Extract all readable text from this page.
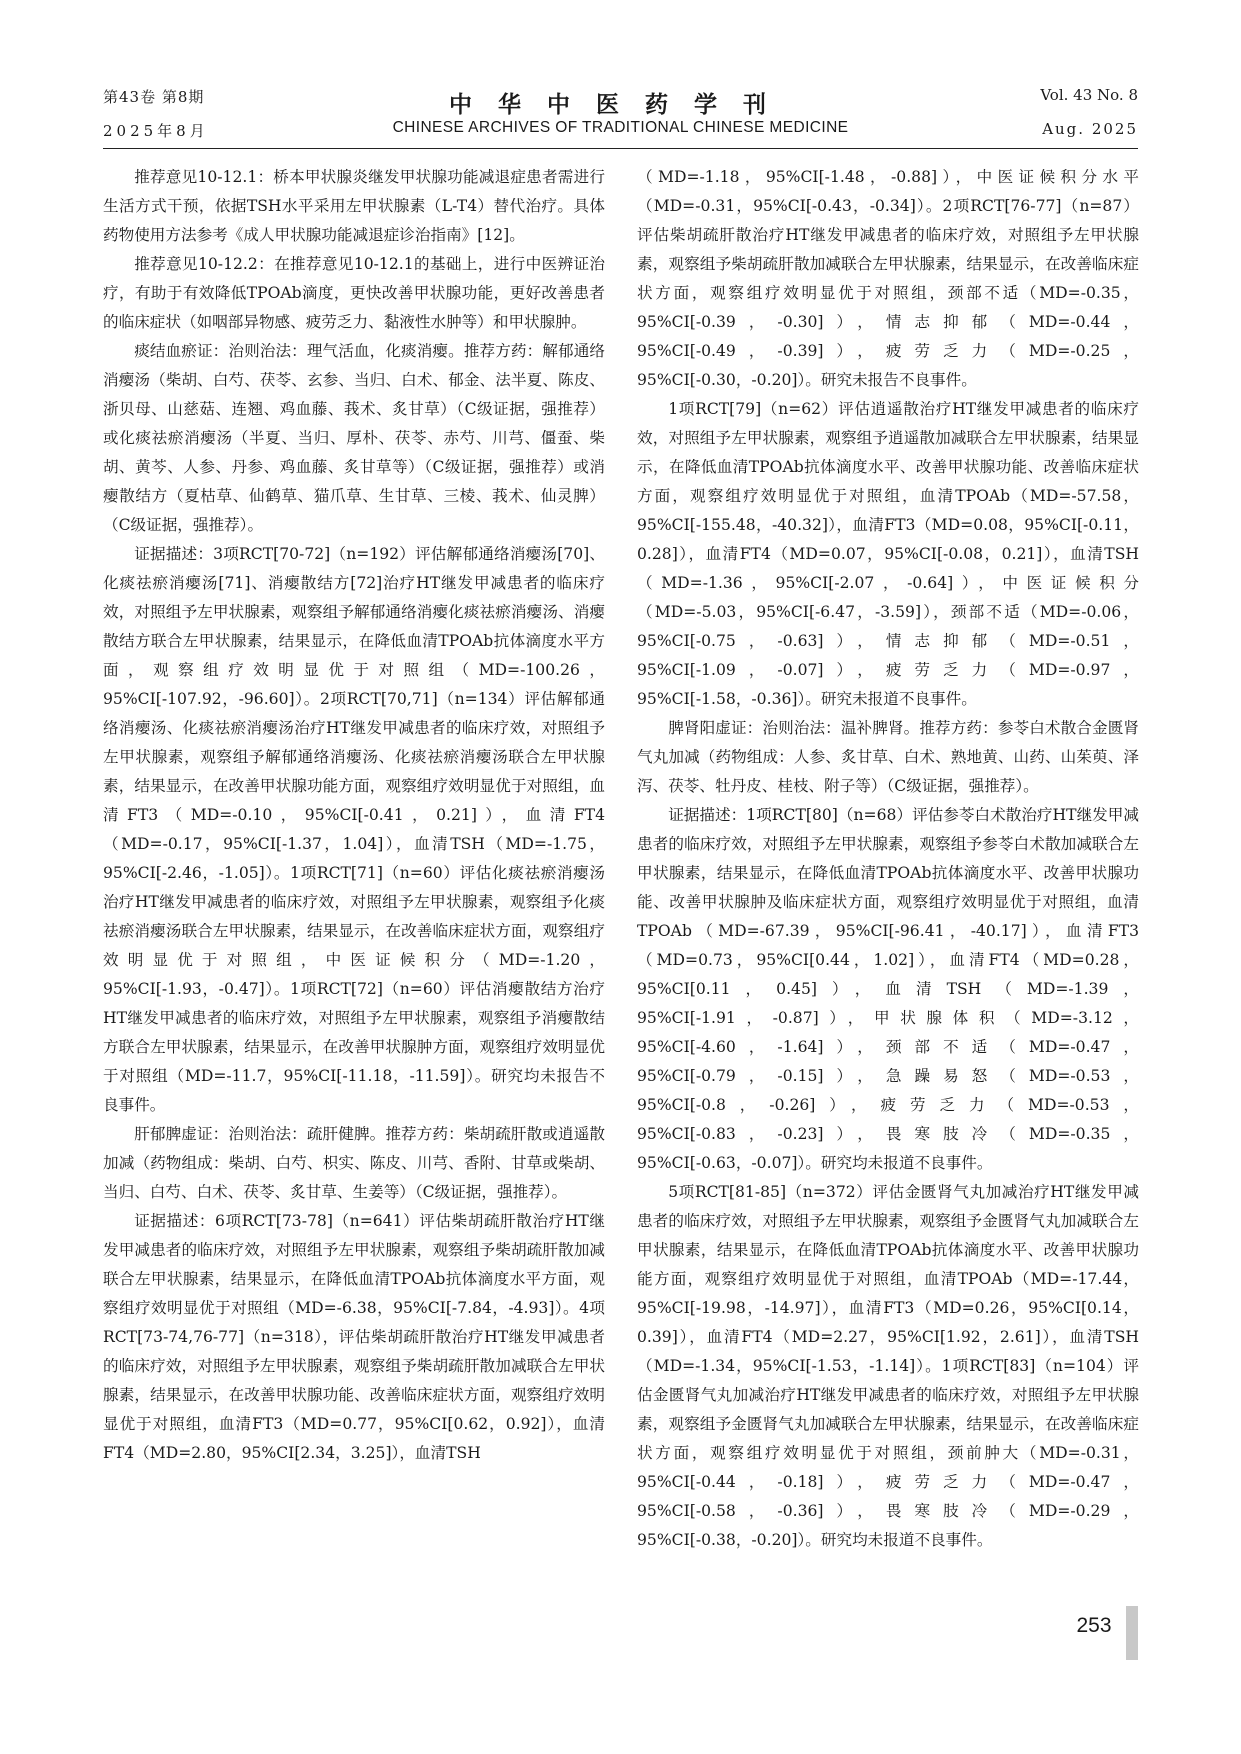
第43卷 第8期
2025年8月
中华中医药学刊
CHINESE ARCHIVES OF TRADITIONAL CHINESE MEDICINE
Vol. 43 No. 8
Aug. 2025

推荐意见10-12.1：桥本甲状腺炎继发甲状腺功能减退症患者需进行生活方式干预，依据TSH水平采用左甲状腺素（L-T4）替代治疗。具体药物使用方法参考《成人甲状腺功能减退症诊治指南》[12]。

推荐意见10-12.2：在推荐意见10-12.1的基础上，进行中医辨证治疗，有助于有效降低TPOAb滴度，更快改善甲状腺功能，更好改善患者的临床症状（如咽部异物感、疲劳乏力、黏液性水肿等）和甲状腺肿。

痰结血瘀证：治则治法：理气活血，化痰消瘿。推荐方药：解郁通络消瘿汤（柴胡、白芍、茯苓、玄参、当归、白术、郁金、法半夏、陈皮、浙贝母、山慈菇、连翘、鸡血藤、莪术、炙甘草）（C级证据，强推荐）或化痰祛瘀消瘿汤（半夏、当归、厚朴、茯苓、赤芍、川芎、僵蚕、柴胡、黄芩、人参、丹参、鸡血藤、炙甘草等）（C级证据，强推荐）或消瘿散结方（夏枯草、仙鹤草、猫爪草、生甘草、三棱、莪术、仙灵脾）（C级证据，强推荐）。

证据描述：3项RCT[70-72]（n=192）评估解郁通络消瘿汤[70]、化痰祛瘀消瘿汤[71]、消瘿散结方[72]治疗HT继发甲减患者的临床疗效，对照组予左甲状腺素，观察组予解郁通络消瘿化痰祛瘀消瘿汤、消瘿散结方联合左甲状腺素，结果显示，在降低血清TPOAb抗体滴度水平方面，观察组疗效明显优于对照组（MD=-100.26，95%CI[-107.92，-96.60]）。2项RCT[70,71]（n=134）评估解郁通络消瘿汤、化痰祛瘀消瘿汤治疗HT继发甲减患者的临床疗效，对照组予左甲状腺素，观察组予解郁通络消瘿汤、化痰祛瘀消瘿汤联合左甲状腺素，结果显示，在改善甲状腺功能方面，观察组疗效明显优于对照组，血清FT3（MD=-0.10，95%CI[-0.41，0.21]），血清FT4（MD=-0.17，95%CI[-1.37，1.04]），血清TSH（MD=-1.75，95%CI[-2.46，-1.05]）。1项RCT[71]（n=60）评估化痰祛瘀消瘿汤治疗HT继发甲减患者的临床疗效，对照组予左甲状腺素，观察组予化痰祛瘀消瘿汤联合左甲状腺素，结果显示，在改善临床症状方面，观察组疗效明显优于对照组，中医证候积分（MD=-1.20，95%CI[-1.93，-0.47]）。1项RCT[72]（n=60）评估消瘿散结方治疗HT继发甲减患者的临床疗效，对照组予左甲状腺素，观察组予消瘿散结方联合左甲状腺素，结果显示，在改善甲状腺肿方面，观察组疗效明显优于对照组（MD=-11.7，95%CI[-11.18，-11.59]）。研究均未报告不良事件。

肝郁脾虚证：治则治法：疏肝健脾。推荐方药：柴胡疏肝散或逍遥散加减（药物组成：柴胡、白芍、枳实、陈皮、川芎、香附、甘草或柴胡、当归、白芍、白术、茯苓、炙甘草、生姜等）（C级证据，强推荐）。

证据描述：6项RCT[73-78]（n=641）评估柴胡疏肝散治疗HT继发甲减患者的临床疗效，对照组予左甲状腺素，观察组予柴胡疏肝散加减联合左甲状腺素，结果显示，在降低血清TPOAb抗体滴度水平方面，观察组疗效明显优于对照组（MD=-6.38，95%CI[-7.84，-4.93]）。4项RCT[73-74,76-77]（n=318），评估柴胡疏肝散治疗HT继发甲减患者的临床疗效，对照组予左甲状腺素，观察组予柴胡疏肝散加减联合左甲状腺素，结果显示，在改善甲状腺功能、改善临床症状方面，观察组疗效明显优于对照组，血清FT3（MD=0.77，95%CI[0.62，0.92]），血清FT4（MD=2.80，95%CI[2.34，3.25]），血清TSH

（MD=-1.18，95%CI[-1.48，-0.88]），中医证候积分水平（MD=-0.31，95%CI[-0.43，-0.34]）。2项RCT[76-77]（n=87）评估柴胡疏肝散治疗HT继发甲减患者的临床疗效，对照组予左甲状腺素，观察组予柴胡疏肝散加减联合左甲状腺素，结果显示，在改善临床症状方面，观察组疗效明显优于对照组，颈部不适（MD=-0.35，95%CI[-0.39，-0.30]），情志抑郁（MD=-0.44，95%CI[-0.49，-0.39]），疲劳乏力（MD=-0.25，95%CI[-0.30，-0.20]）。研究未报告不良事件。

1项RCT[79]（n=62）评估逍遥散治疗HT继发甲减患者的临床疗效，对照组予左甲状腺素，观察组予逍遥散加减联合左甲状腺素，结果显示，在降低血清TPOAb抗体滴度水平、改善甲状腺功能、改善临床症状方面，观察组疗效明显优于对照组，血清TPOAb（MD=-57.58，95%CI[-155.48，-40.32]），血清FT3（MD=0.08，95%CI[-0.11，0.28]），血清FT4（MD=0.07，95%CI[-0.08，0.21]），血清TSH（MD=-1.36，95%CI[-2.07，-0.64]），中医证候积分（MD=-5.03，95%CI[-6.47，-3.59]），颈部不适（MD=-0.06，95%CI[-0.75，-0.63]），情志抑郁（MD=-0.51，95%CI[-1.09，-0.07]），疲劳乏力（MD=-0.97，95%CI[-1.58，-0.36]）。研究未报道不良事件。

脾肾阳虚证：治则治法：温补脾肾。推荐方药：参苓白术散合金匮肾气丸加减（药物组成：人参、炙甘草、白术、熟地黄、山药、山茱萸、泽泻、茯苓、牡丹皮、桂枝、附子等）（C级证据，强推荐）。

证据描述：1项RCT[80]（n=68）评估参苓白术散治疗HT继发甲减患者的临床疗效，对照组予左甲状腺素，观察组予参苓白术散加减联合左甲状腺素，结果显示，在降低血清TPOAb抗体滴度水平、改善甲状腺功能、改善甲状腺肿及临床症状方面，观察组疗效明显优于对照组，血清TPOAb（MD=-67.39，95%CI[-96.41，-40.17]），血清FT3（MD=0.73，95%CI[0.44，1.02]），血清FT4（MD=0.28，95%CI[0.11，0.45]），血清TSH（MD=-1.39，95%CI[-1.91，-0.87]），甲状腺体积（MD=-3.12，95%CI[-4.60，-1.64]），颈部不适（MD=-0.47，95%CI[-0.79，-0.15]），急躁易怒（MD=-0.53，95%CI[-0.8，-0.26]），疲劳乏力（MD=-0.53，95%CI[-0.83，-0.23]），畏寒肢冷（MD=-0.35，95%CI[-0.63，-0.07]）。研究均未报道不良事件。

5项RCT[81-85]（n=372）评估金匮肾气丸加减治疗HT继发甲减患者的临床疗效，对照组予左甲状腺素，观察组予金匮肾气丸加减联合左甲状腺素，结果显示，在降低血清TPOAb抗体滴度水平、改善甲状腺功能方面，观察组疗效明显优于对照组，血清TPOAb（MD=-17.44，95%CI[-19.98，-14.97]），血清FT3（MD=0.26，95%CI[0.14，0.39]），血清FT4（MD=2.27，95%CI[1.92，2.61]），血清TSH（MD=-1.34，95%CI[-1.53，-1.14]）。1项RCT[83]（n=104）评估金匮肾气丸加减治疗HT继发甲减患者的临床疗效，对照组予左甲状腺素，观察组予金匮肾气丸加减联合左甲状腺素，结果显示，在改善临床症状方面，观察组疗效明显优于对照组，颈前肿大（MD=-0.31，95%CI[-0.44，-0.18]），疲劳乏力（MD=-0.47，95%CI[-0.58，-0.36]），畏寒肢冷（MD=-0.29，95%CI[-0.38，-0.20]）。研究均未报道不良事件。

253
